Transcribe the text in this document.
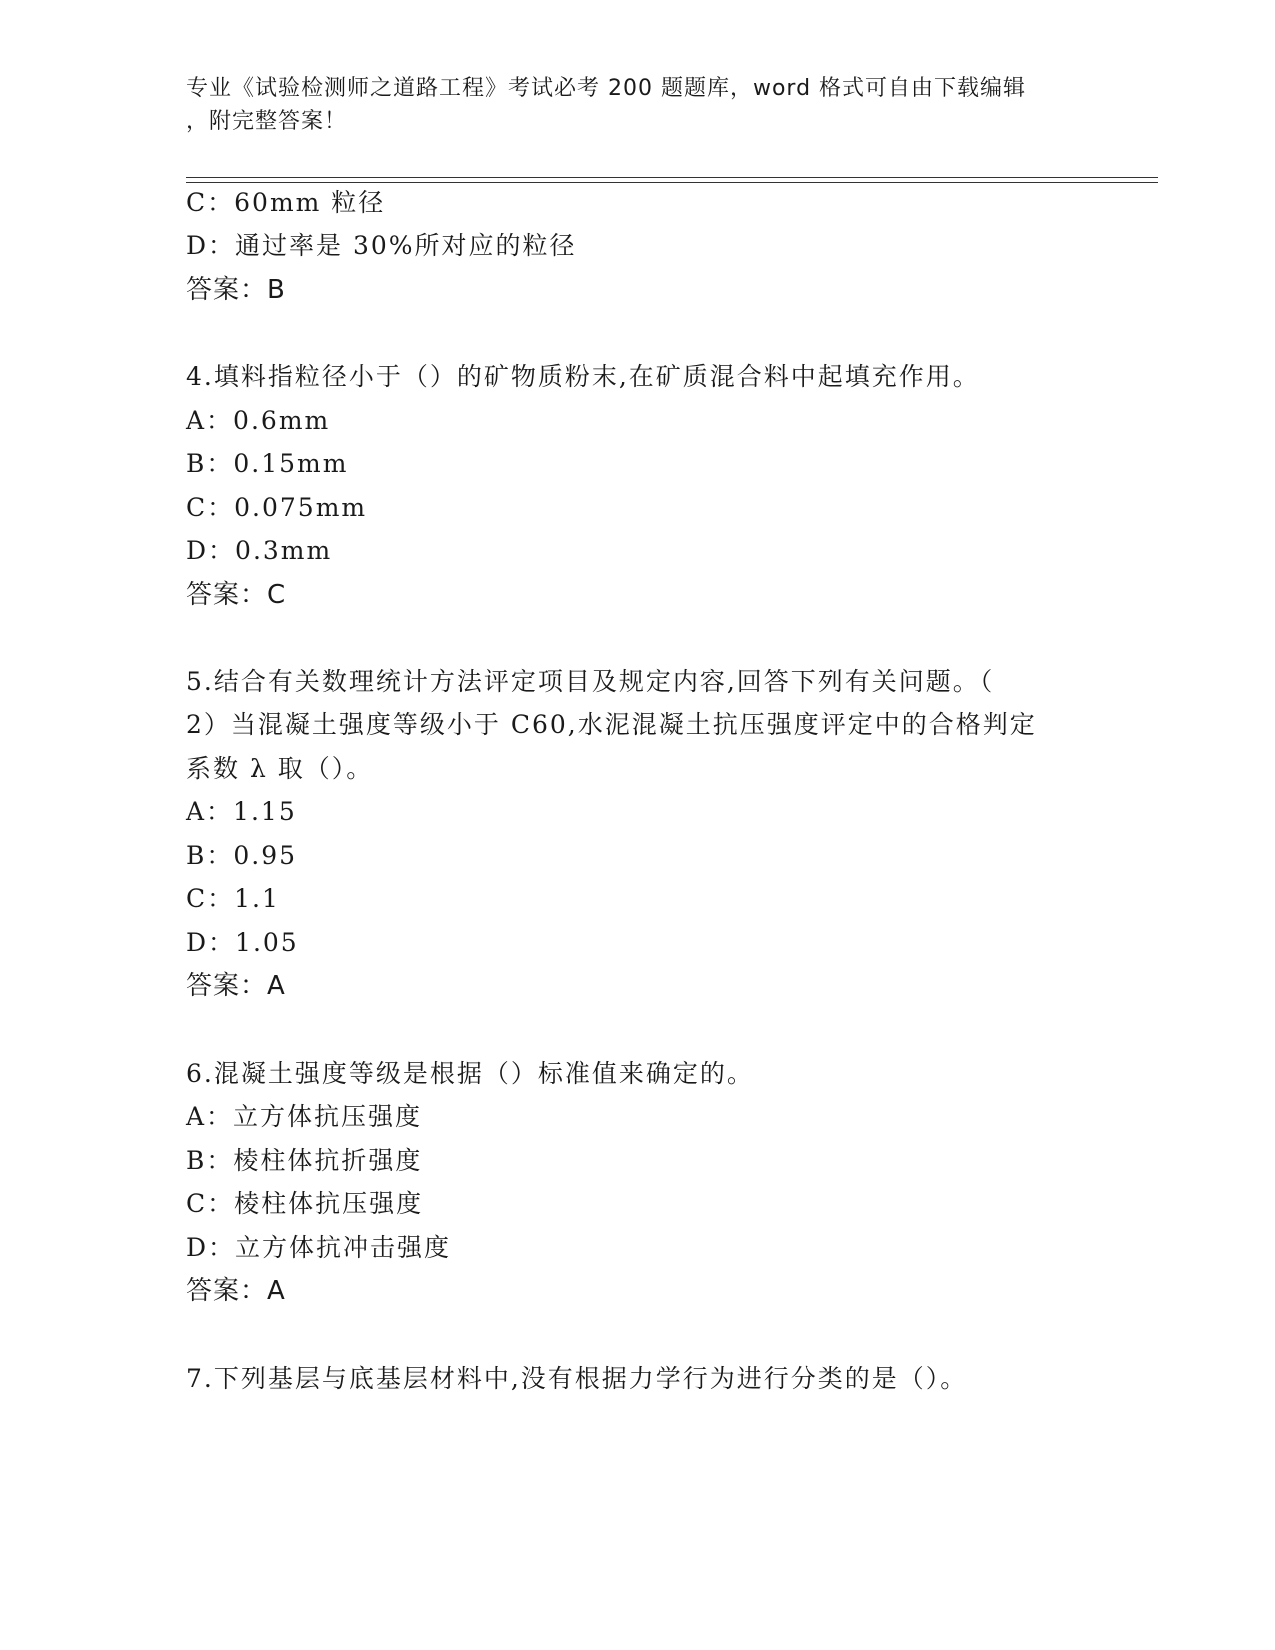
专业《试验检测师之道路工程》考试必考 200 题题库，word 格式可自由下载编辑
，附完整答案！
C：60mm 粒径
D：通过率是 30%所对应的粒径
答案：B
4.填料指粒径小于（）的矿物质粉末,在矿质混合料中起填充作用。
A：0.6mm
B：0.15mm
C：0.075mm
D：0.3mm
答案：C
5.结合有关数理统计方法评定项目及规定内容,回答下列有关问题。（
2）当混凝土强度等级小于 C60,水泥混凝土抗压强度评定中的合格判定
系数 λ 取（）。
A：1.15
B：0.95
C：1.1
D：1.05
答案：A
6.混凝土强度等级是根据（）标准值来确定的。
A：立方体抗压强度
B：棱柱体抗折强度
C：棱柱体抗压强度
D：立方体抗冲击强度
答案：A
7.下列基层与底基层材料中,没有根据力学行为进行分类的是（）。
